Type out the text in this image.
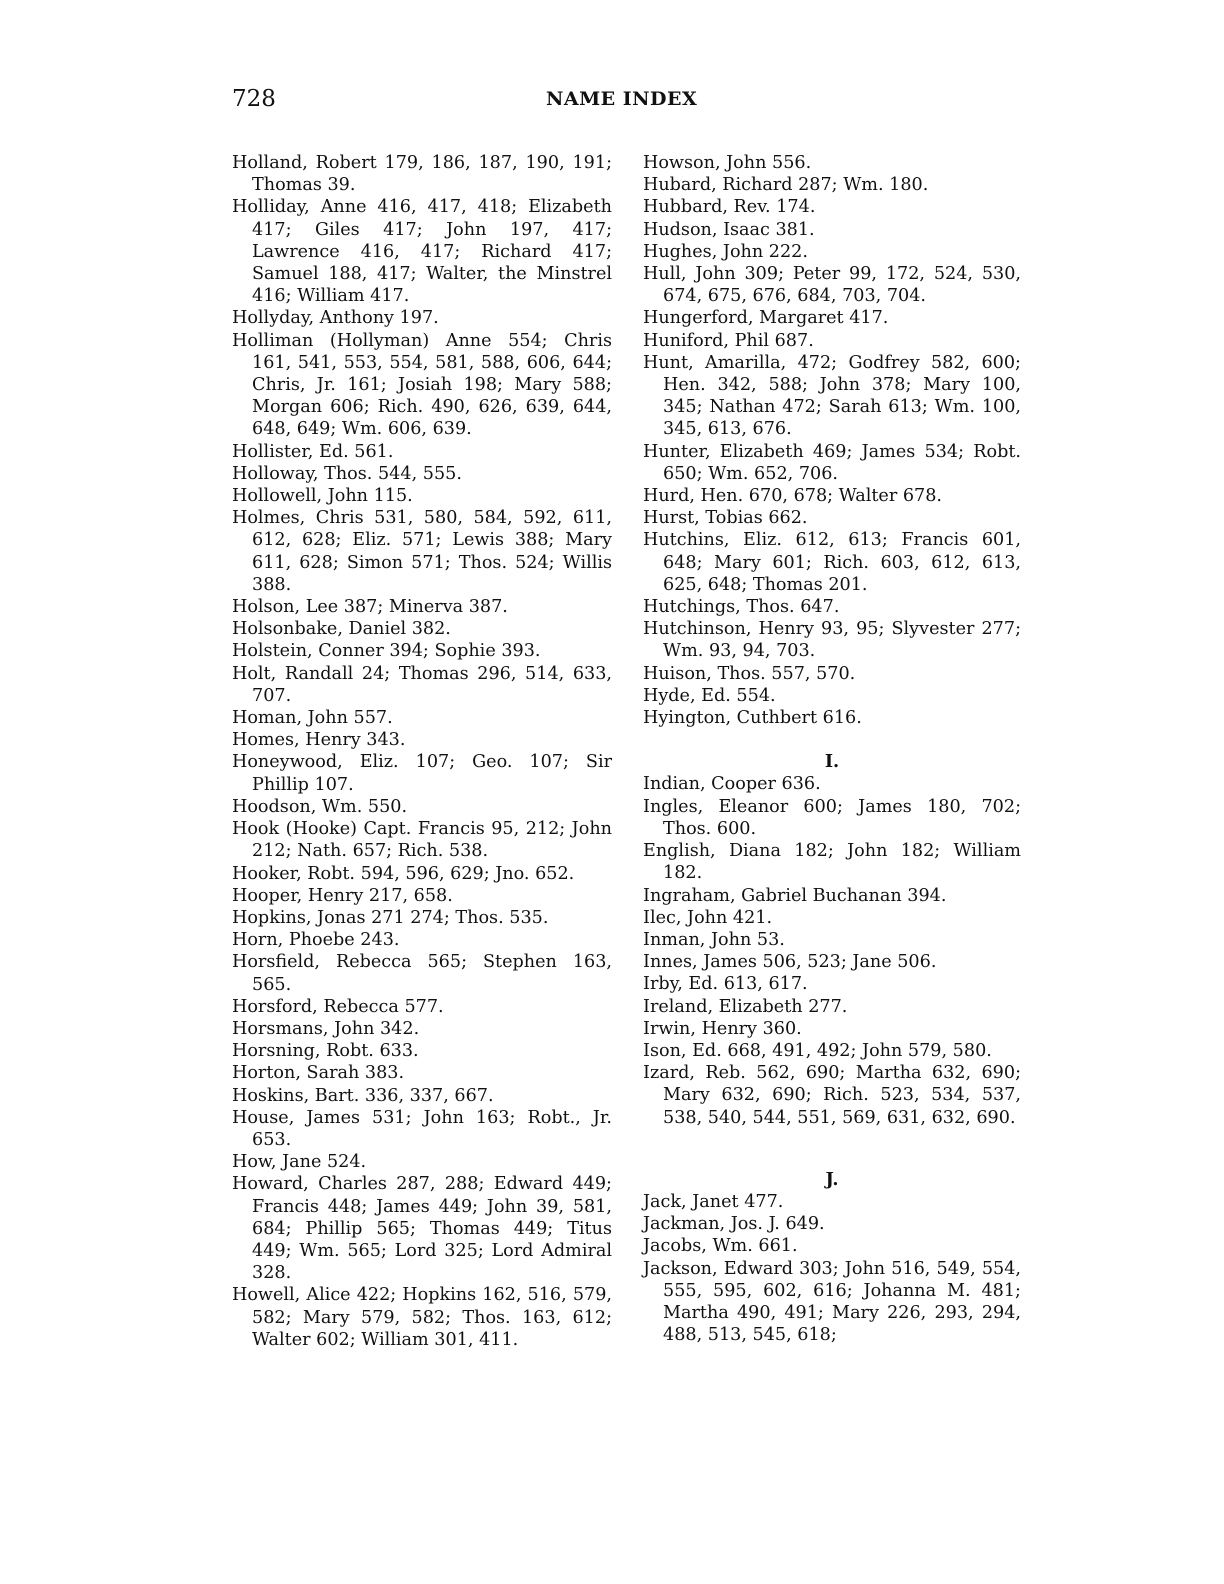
728	NAME INDEX

Holland, Robert 179, 186, 187, 190, 191; Thomas 39.

Holliday, Anne 416, 417, 418; Elizabeth 417; Giles 417; John 197, 417; Lawrence 416, 417; Richard 417; Samuel 188, 417; Walter, the Minstrel 416; William 417.

Hollyday, Anthony 197.

Holliman (Hollyman) Anne 554; Chris 161, 541, 553, 554, 581, 588, 606, 644; Chris, Jr. 161; Josiah 198; Mary 588; Morgan 606; Rich. 490, 626, 639, 644, 648, 649; Wm. 606, 639.

Hollister, Ed. 561.

Holloway, Thos. 544, 555.

Hollowell, John 115.

Holmes, Chris 531, 580, 584, 592, 611, 612, 628; Eliz. 571; Lewis 388; Mary 611, 628; Simon 571; Thos. 524; Willis 388.

Holson, Lee 387; Minerva 387.

Holsonbake, Daniel 382.

Holstein, Conner 394; Sophie 393.

Holt, Randall 24; Thomas 296, 514, 633, 707.

Homan, John 557.

Homes, Henry 343.

Honeywood, Eliz. 107; Geo. 107; Sir Phillip 107.

Hoodson, Wm. 550.

Hook (Hooke) Capt. Francis 95, 212; John 212; Nath. 657; Rich. 538.

Hooker, Robt. 594, 596, 629; Jno. 652.

Hooper, Henry 217, 658.

Hopkins, Jonas 271 274; Thos. 535.

Horn, Phoebe 243.

Horsfield, Rebecca 565; Stephen 163, 565.

Horsford, Rebecca 577.

Horsmans, John 342.

Horsning, Robt. 633.

Horton, Sarah 383.

Hoskins, Bart. 336, 337, 667.

House, James 531; John 163; Robt., Jr. 653.

How, Jane 524.

Howard, Charles 287, 288; Edward 449; Francis 448; James 449; John 39, 581, 684; Phillip 565; Thomas 449; Titus 449; Wm. 565; Lord 325; Lord Admiral 328.

Howell, Alice 422; Hopkins 162, 516, 579, 582; Mary 579, 582; Thos. 163, 612; Walter 602; William 301, 411.

Howson, John 556.

Hubard, Richard 287; Wm. 180.

Hubbard, Rev. 174.

Hudson, Isaac 381.

Hughes, John 222.

Hull, John 309; Peter 99, 172, 524, 530, 674, 675, 676, 684, 703, 704.

Hungerford, Margaret 417.

Huniford, Phil 687.

Hunt, Amarilla, 472; Godfrey 582, 600; Hen. 342, 588; John 378; Mary 100, 345; Nathan 472; Sarah 613; Wm. 100, 345, 613, 676.

Hunter, Elizabeth 469; James 534; Robt. 650; Wm. 652, 706.

Hurd, Hen. 670, 678; Walter 678.

Hurst, Tobias 662.

Hutchins, Eliz. 612, 613; Francis 601, 648; Mary 601; Rich. 603, 612, 613, 625, 648; Thomas 201.

Hutchings, Thos. 647.

Hutchinson, Henry 93, 95; Slyvester 277; Wm. 93, 94, 703.

Huison, Thos. 557, 570.

Hyde, Ed. 554.

Hyington, Cuthbert 616.

I.

Indian, Cooper 636.

Ingles, Eleanor 600; James 180, 702; Thos. 600.

English, Diana 182; John 182; William 182.

Ingraham, Gabriel Buchanan 394.

Ilec, John 421.

Inman, John 53.

Innes, James 506, 523; Jane 506.

Irby, Ed. 613, 617.

Ireland, Elizabeth 277.

Irwin, Henry 360.

Ison, Ed. 668, 491, 492; John 579, 580.

Izard, Reb. 562, 690; Martha 632, 690; Mary 632, 690; Rich. 523, 534, 537, 538, 540, 544, 551, 569, 631, 632, 690.

J.

Jack, Janet 477.

Jackman, Jos. J. 649.

Jacobs, Wm. 661.

Jackson, Edward 303; John 516, 549, 554, 555, 595, 602, 616; Johanna M. 481; Martha 490, 491; Mary 226, 293, 294, 488, 513, 545, 618;
